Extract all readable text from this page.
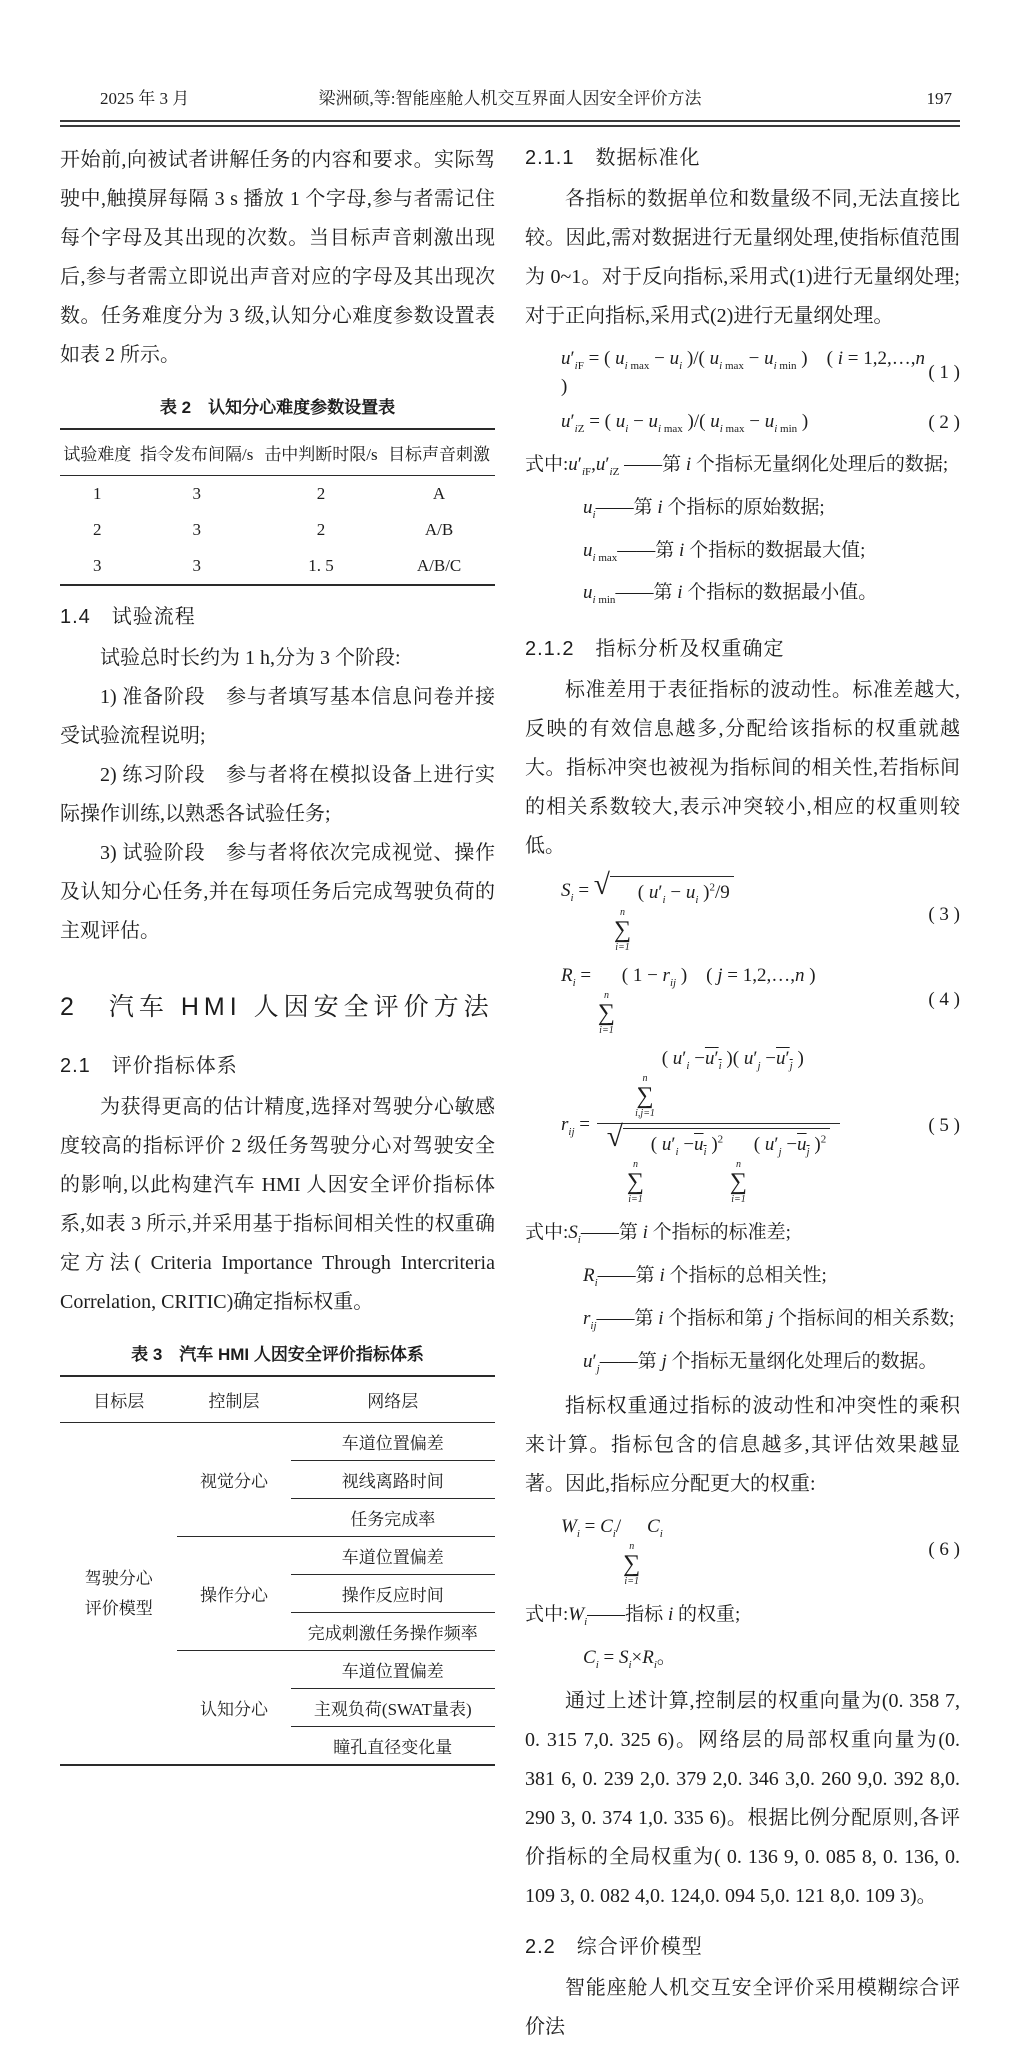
2025 年 3 月	梁洲硕,等:智能座舱人机交互界面人因安全评价方法	197

开始前,向被试者讲解任务的内容和要求。实际驾驶中,触摸屏每隔 3 s 播放 1 个字母,参与者需记住每个字母及其出现的次数。当目标声音刺激出现后,参与者需立即说出声音对应的字母及其出现次数。任务难度分为 3 级,认知分心难度参数设置表如表 2 所示。

表 2　认知分心难度参数设置表
试验难度	指令发布间隔/s	击中判断时限/s	目标声音刺激
1	3	2	A
2	3	2	A/B
3	3	1. 5	A/B/C
1.4　试验流程

试验总时长约为 1 h,分为 3 个阶段:

1) 准备阶段　参与者填写基本信息问卷并接受试验流程说明;

2) 练习阶段　参与者将在模拟设备上进行实际操作训练,以熟悉各试验任务;

3) 试验阶段　参与者将依次完成视觉、操作及认知分心任务,并在每项任务后完成驾驶负荷的主观评估。

2　汽车 HMI 人因安全评价方法
2.1　评价指标体系

为获得更高的估计精度,选择对驾驶分心敏感度较高的指标评价 2 级任务驾驶分心对驾驶安全的影响,以此构建汽车 HMI 人因安全评价指标体系,如表 3 所示,并采用基于指标间相关性的权重确定方法( Criteria Importance Through Intercriteria Correlation, CRITIC)确定指标权重。

表 3　汽车 HMI 人因安全评价指标体系
目标层	控制层	网络层

驾驶分心
评价模型	视觉分心	车道位置偏差
		视线离路时间
		任务完成率
	操作分心	车道位置偏差
		操作反应时间
		完成刺激任务操作频率
	认知分心	车道位置偏差
		主观负荷(SWAT量表)
		瞳孔直径变化量
2.1.1　数据标准化

各指标的数据单位和数量级不同,无法直接比较。因此,需对数据进行无量纲处理,使指标值范围为 0~1。对于反向指标,采用式(1)进行无量纲处理;对于正向指标,采用式(2)进行无量纲处理。

$u'_{iF}$ = ( $u_{i max} - u_i$ )/( $u_{i max} - u_{i min}$ ) ( i = 1,2,…,n )
( 1 )
$u'_{iZ}$ = ( $u_i - u_{i max}$ )/( $u_{i max} - u_{i min}$ )	( 2 )

式中$:u'_{iF},u'_{iZ}$ ——第 i 个指标无量纲化处理后的数据;

$u_i——$第 i 个指标的原始数据;

$u_{i max}——$第 i 个指标的数据最大值;

$u_{i min}——$第 i 个指标的数据最小值。

2.1.2　指标分析及权重确定

标准差用于表征指标的波动性。标准差越大,反映的有效信息越多,分配给该指标的权重就越大。指标冲突也被视为指标间的相关性,若指标间的相关系数较大,表示冲突较小,相应的权重则较低。

$S_i$ = √
n
∑
i=1
( $u'_i - u_i$ )$^2$/9
( 3 )
$R_i$ =
n
∑
i=1
( $1 - r_{ij}$ ) ( j = 1,2,…,n )
( 4 )
$r_{ij} = n$
∑
i,j=1
( $u'_i -u'_i$ )( $u'_j -u'_j$ )
√
n
∑
i=1
( $u'_i -u_i$ )$^2$
n
∑
i=1
( $u'_j -u_j$ )$^2$	( 5 )

式中$:S_i——$第 i 个指标的标准差;

$R_i——$第 i 个指标的总相关性;

$r_{ij}——$第 i 个指标和第 j 个指标间的相关系数;

$u'_j——$第 j 个指标无量纲化处理后的数据。

指标权重通过指标的波动性和冲突性的乘积来计算。指标包含的信息越多,其评估效果越显著。因此,指标应分配更大的权重:

$W_i = C_i/$
n
∑
i=1
$C_i$
( 6 )

式中$:W_i——$指标 i 的权重;

$C_i = S_i\times R_i$。

通过上述计算,控制层的权重向量为(0. 358 7, 0. 315 7,0. 325 6)。网络层的局部权重向量为(0. 381 6, 0. 239 2,0. 379 2,0. 346 3,0. 260 9,0. 392 8,0. 290 3, 0. 374 1,0. 335 6)。根据比例分配原则,各评价指标的全局权重为( 0. 136 9, 0. 085 8, 0. 136, 0. 109 3, 0. 082 4,0. 124,0. 094 5,0. 121 8,0. 109 3)。

2.2　综合评价模型

智能座舱人机交互安全评价采用模糊综合评价法
